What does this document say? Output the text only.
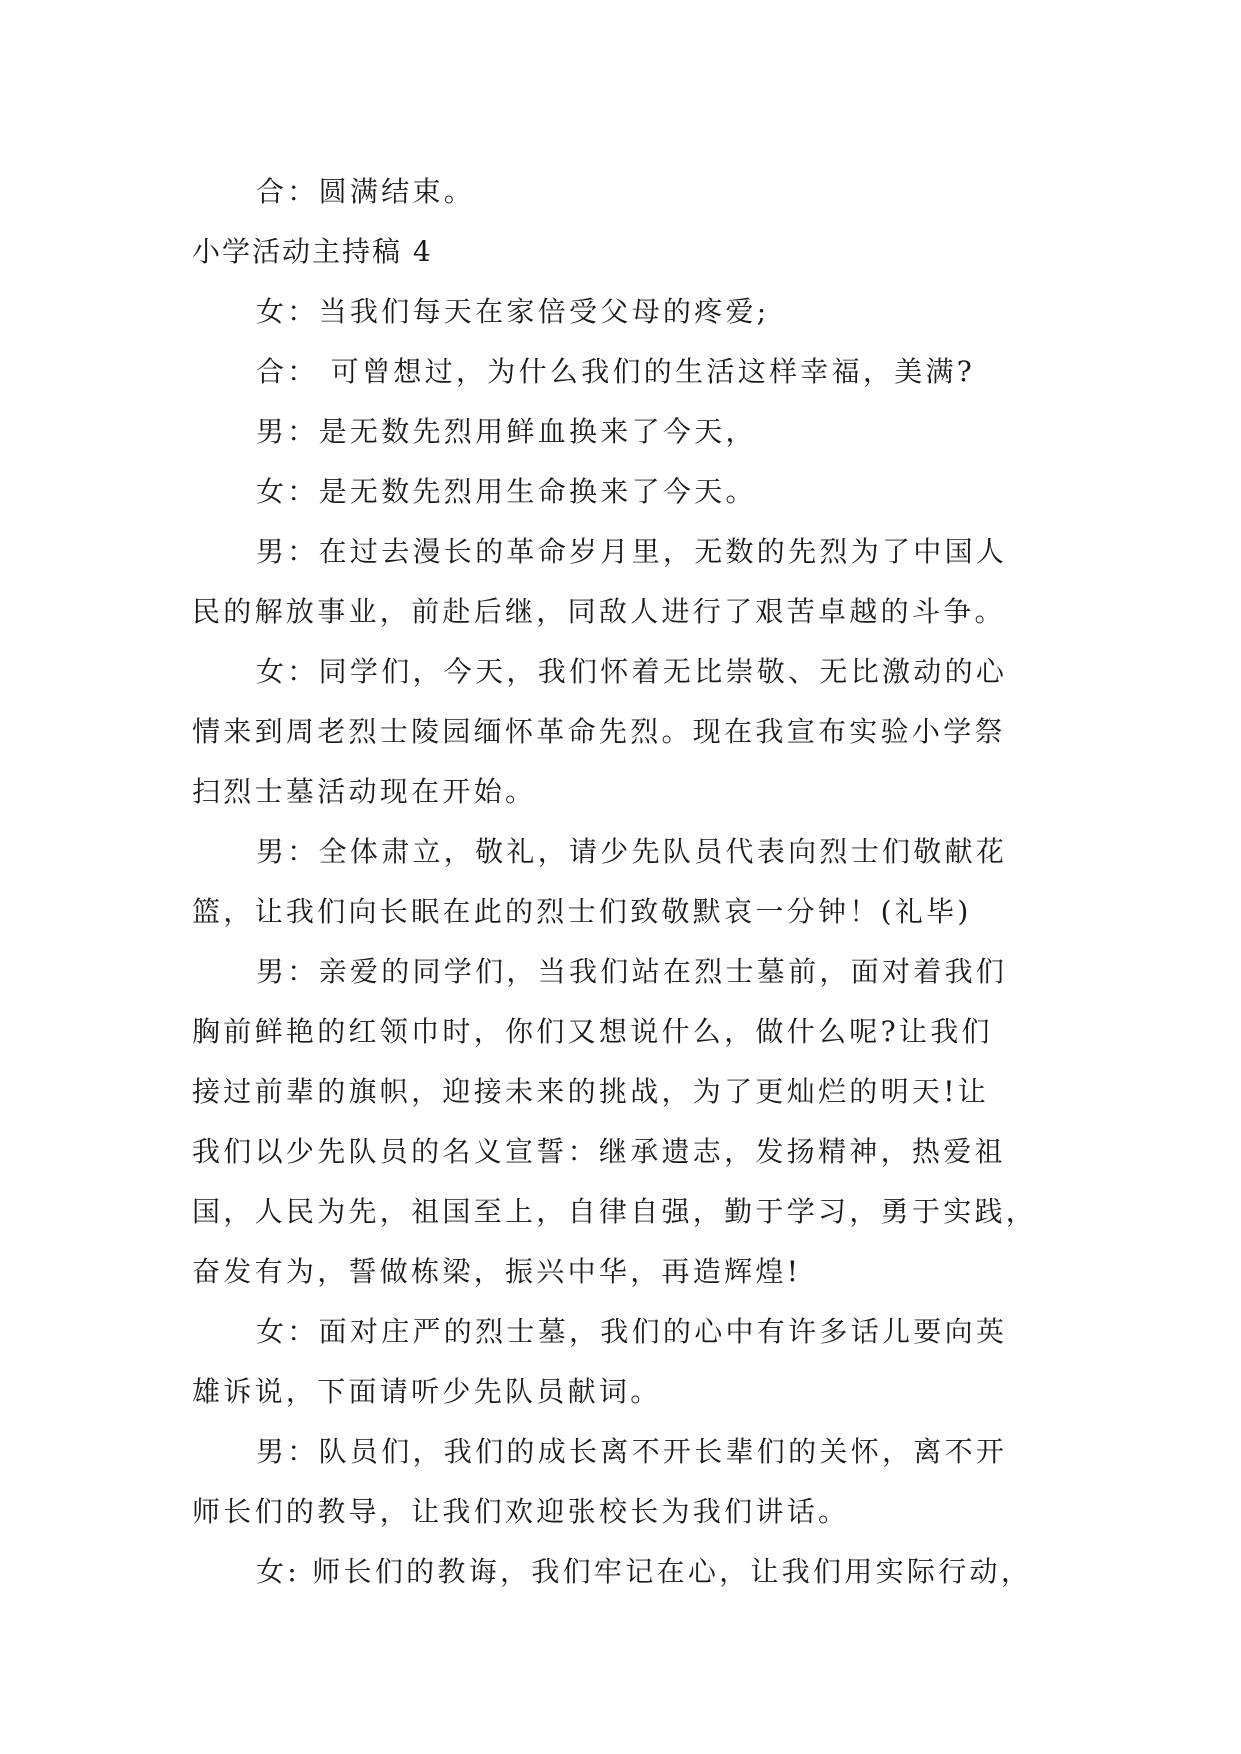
合：圆满结束。
小学活动主持稿 4
女：当我们每天在家倍受父母的疼爱;
合： 可曾想过，为什么我们的生活这样幸福，美满?
男：是无数先烈用鲜血换来了今天，
女：是无数先烈用生命换来了今天。
男：在过去漫长的革命岁月里，无数的先烈为了中国人
民的解放事业，前赴后继，同敌人进行了艰苦卓越的斗争。
女：同学们，今天，我们怀着无比崇敬、无比激动的心
情来到周老烈士陵园缅怀革命先烈。现在我宣布实验小学祭
扫烈士墓活动现在开始。
男：全体肃立，敬礼，请少先队员代表向烈士们敬献花
篮，让我们向长眠在此的烈士们致敬默哀一分钟！(礼毕)
男：亲爱的同学们，当我们站在烈士墓前，面对着我们
胸前鲜艳的红领巾时，你们又想说什么，做什么呢?让我们
接过前辈的旗帜，迎接未来的挑战，为了更灿烂的明天!让
我们以少先队员的名义宣誓：继承遗志，发扬精神，热爱祖
国，人民为先，祖国至上，自律自强，勤于学习，勇于实践，
奋发有为，誓做栋梁，振兴中华，再造辉煌!
女：面对庄严的烈士墓，我们的心中有许多话儿要向英
雄诉说，下面请听少先队员献词。
男：队员们，我们的成长离不开长辈们的关怀，离不开
师长们的教导，让我们欢迎张校长为我们讲话。
女: 师长们的教诲，我们牢记在心，让我们用实际行动，
